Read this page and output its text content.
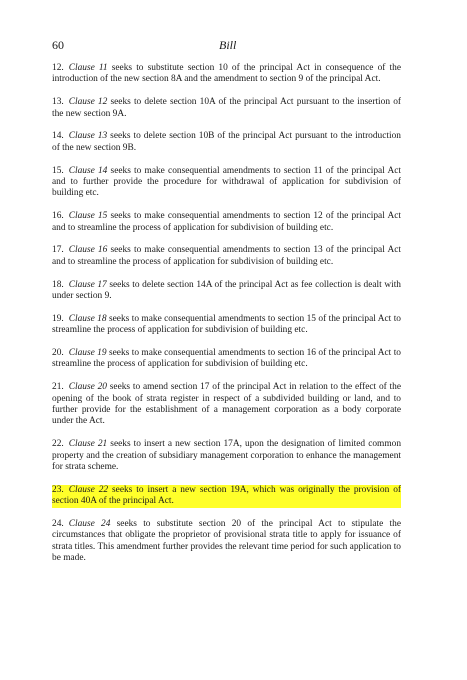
60	Bill

12. Clause 11 seeks to substitute section 10 of the principal Act in consequence of the introduction of the new section 8A and the amendment to section 9 of the principal Act.

13. Clause 12 seeks to delete section 10A of the principal Act pursuant to the insertion of the new section 9A.

14. Clause 13 seeks to delete section 10B of the principal Act pursuant to the introduction of the new section 9B.

15. Clause 14 seeks to make consequential amendments to section 11 of the principal Act and to further provide the procedure for withdrawal of application for subdivision of building etc.

16. Clause 15 seeks to make consequential amendments to section 12 of the principal Act and to streamline the process of application for subdivision of building etc.

17. Clause 16 seeks to make consequential amendments to section 13 of the principal Act and to streamline the process of application for subdivision of building etc.

18. Clause 17 seeks to delete section 14A of the principal Act as fee collection is dealt with under section 9.

19. Clause 18 seeks to make consequential amendments to section 15 of the principal Act to streamline the process of application for subdivision of building etc.

20. Clause 19 seeks to make consequential amendments to section 16 of the principal Act to streamline the process of application for subdivision of building etc.

21. Clause 20 seeks to amend section 17 of the principal Act in relation to the effect of the opening of the book of strata register in respect of a subdivided building or land, and to further provide for the establishment of a management corporation as a body corporate under the Act.

22. Clause 21 seeks to insert a new section 17A, upon the designation of limited common property and the creation of subsidiary management corporation to enhance the management for strata scheme.

23. Clause 22 seeks to insert a new section 19A, which was originally the provision of section 40A of the principal Act.

24. Clause 24 seeks to substitute section 20 of the principal Act to stipulate the circumstances that obligate the proprietor of provisional strata title to apply for issuance of strata titles. This amendment further provides the relevant time period for such application to be made.
